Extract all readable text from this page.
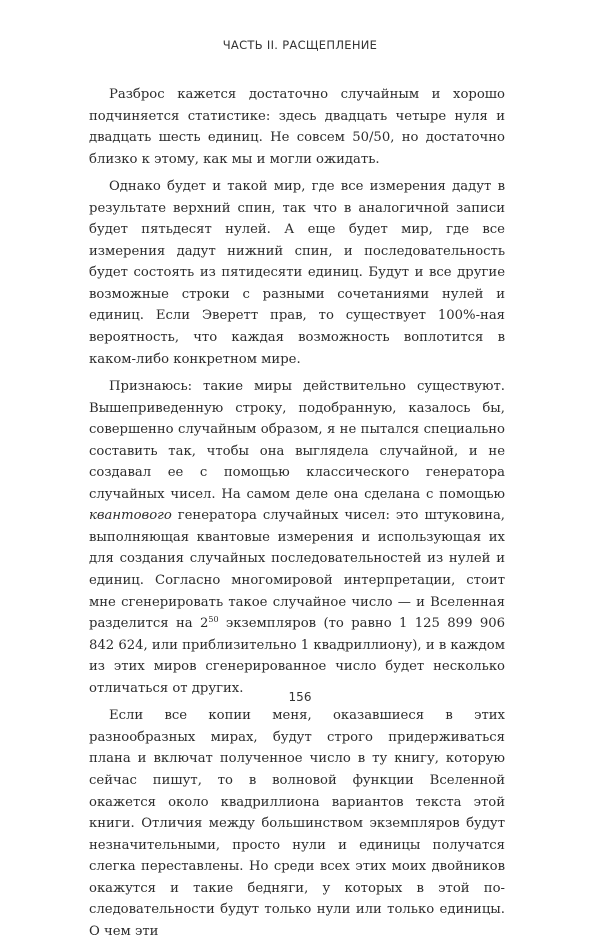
ЧАСТЬ II. РАСЩЕПЛЕНИЕ

Разброс кажется достаточно случайным и хорошо подчиняется статистике: здесь двадцать четыре нуля и двадцать шесть единиц. Не совсем 50/50, но достаточно близко к этому, как мы и могли ожидать.

Однако будет и такой мир, где все измерения дадут в результате верхний спин, так что в аналогичной записи будет пятьдесят нулей. А еще будет мир, где все измерения дадут нижний спин, и последовательность будет состоять из пятидесяти единиц. Будут и все другие возможные строки с разными сочетаниями нулей и единиц. Если Эверетт прав, то существует 100%-ная вероятность, что каждая возможность воплотится в каком-либо конкретном мире.

Признаюсь: такие миры действительно существуют. Вышеприведенную строку, подобранную, казалось бы, совершенно случайным образом, я не пытался специально составить так, чтобы она выглядела случайной, и не создавал ее с помощью классического генератора случайных чисел. На самом деле она сделана с помощью квантового генератора случайных чисел: это штуковина, выполняющая квантовые измерения и использующая их для создания случайных последовательностей из нулей и единиц. Согласно многомировой интерпретации, стоит мне сгенерировать такое случайное число — и Вселенная разделится на $2^{50}$ экземпляров (то равно 1 125 899 906 842 624, или приблизительно 1 квадриллиону), и в каждом из этих миров сгенерированное число будет несколько отличаться от других.

Если все копии меня, оказавшиеся в этих разнообразных мирах, будут строго придерживаться плана и включат полученное число в ту книгу, которую сейчас пишут, то в волновой функции Вселенной окажется около квадриллиона вариантов текста этой книги. Отличия между большинством экземпляров будут незначительными, просто нули и единицы получатся слегка переставлены. Но среди всех этих моих двойников окажутся и такие бедняги, у которых в этой последовательности будут только нули или только единицы. О чем эти

156
